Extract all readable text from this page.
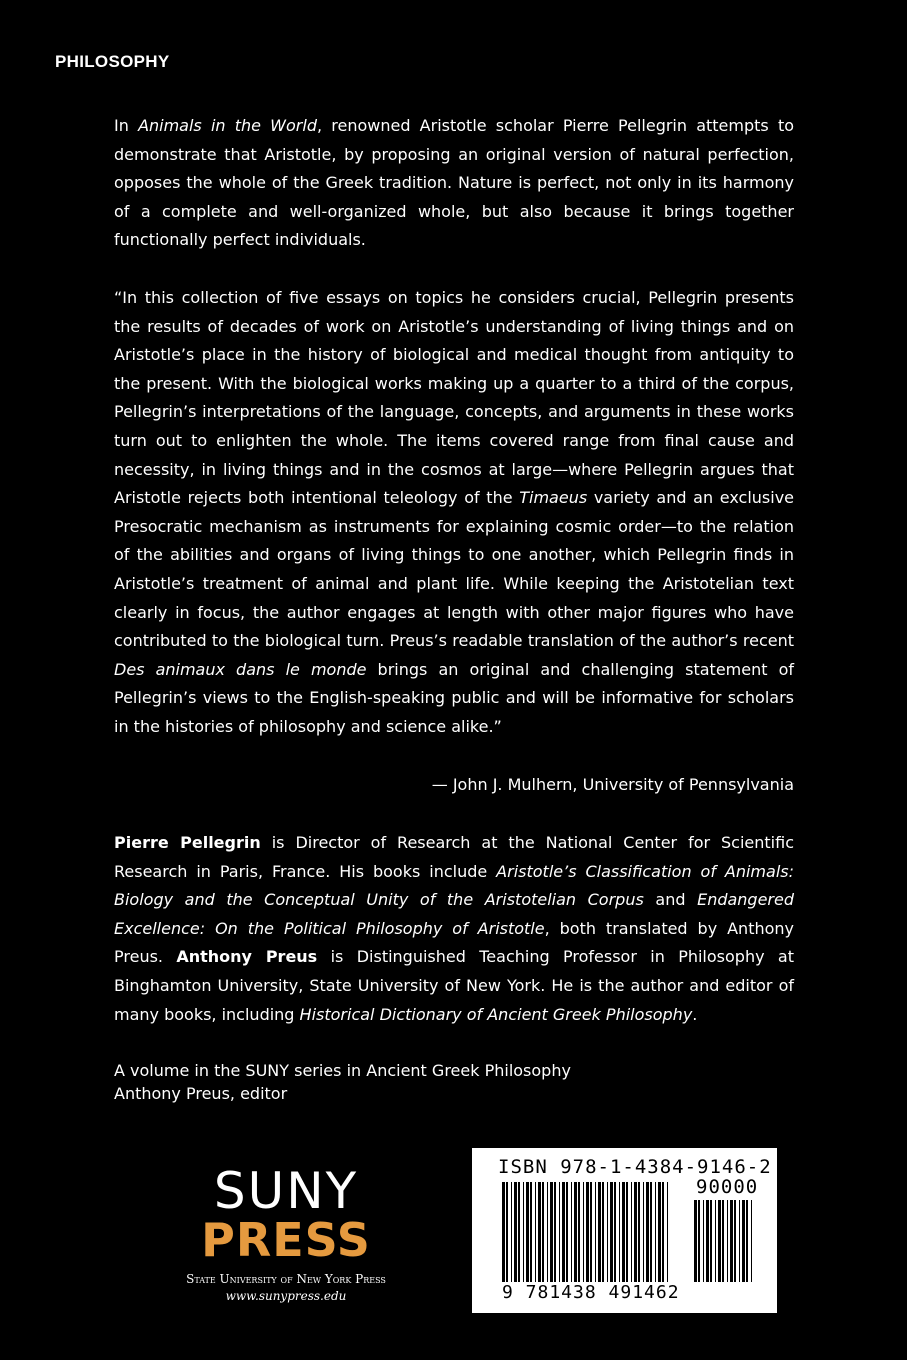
PHILOSOPHY
In Animals in the World, renowned Aristotle scholar Pierre Pellegrin attempts to demonstrate that Aristotle, by proposing an original version of natural perfection, opposes the whole of the Greek tradition. Nature is perfect, not only in its harmony of a complete and well-organized whole, but also because it brings together functionally perfect individuals.
“In this collection of five essays on topics he considers crucial, Pellegrin presents the results of decades of work on Aristotle’s understanding of living things and on Aristotle’s place in the history of biological and medical thought from antiquity to the present. With the biological works making up a quarter to a third of the corpus, Pellegrin’s interpretations of the language, concepts, and arguments in these works turn out to enlighten the whole. The items covered range from final cause and necessity, in living things and in the cosmos at large—where Pellegrin argues that Aristotle rejects both intentional teleology of the Timaeus variety and an exclusive Presocratic mechanism as instruments for explaining cosmic order—to the relation of the abilities and organs of living things to one another, which Pellegrin finds in Aristotle’s treatment of animal and plant life. While keeping the Aristotelian text clearly in focus, the author engages at length with other major figures who have contributed to the biological turn. Preus’s readable translation of the author’s recent Des animaux dans le monde brings an original and challenging statement of Pellegrin’s views to the English-speaking public and will be informative for scholars in the histories of philosophy and science alike.”
— John J. Mulhern, University of Pennsylvania
Pierre Pellegrin is Director of Research at the National Center for Scientific Research in Paris, France. His books include Aristotle’s Classification of Animals: Biology and the Conceptual Unity of the Aristotelian Corpus and Endangered Excellence: On the Political Philosophy of Aristotle, both translated by Anthony Preus. Anthony Preus is Distinguished Teaching Professor in Philosophy at Binghamton University, State University of New York. He is the author and editor of many books, including Historical Dictionary of Ancient Greek Philosophy.
A volume in the SUNY series in Ancient Greek Philosophy
Anthony Preus, editor
SUNY
PRESS
State University of New York Press
www.sunypress.edu
ISBN 978-1-4384-9146-2
90000
9 781438 491462
